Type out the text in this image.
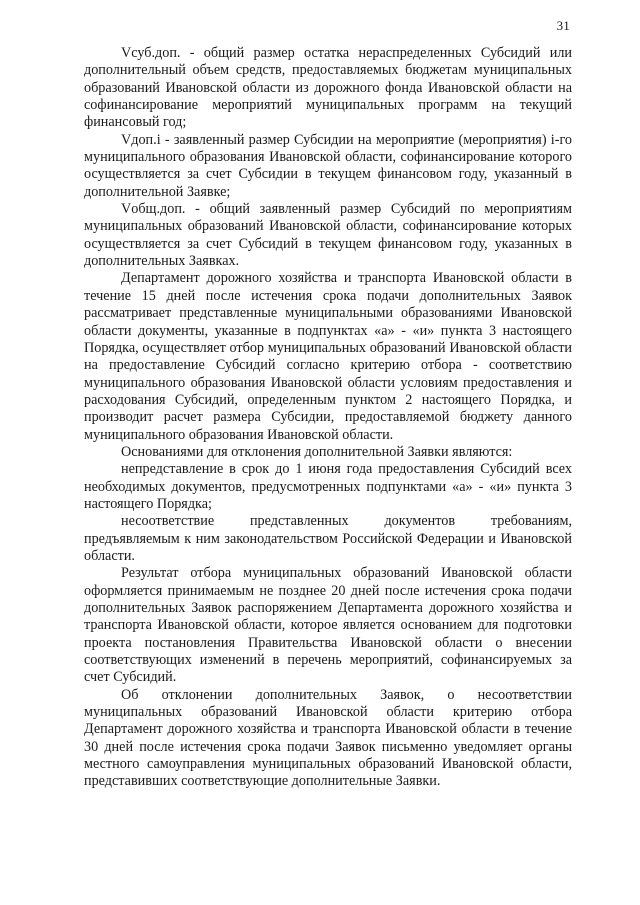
31

Vсуб.доп. - общий размер остатка нераспределенных Субсидий или дополнительный объем средств, предоставляемых бюджетам муниципальных образований Ивановской области из дорожного фонда Ивановской области на софинансирование мероприятий муниципальных программ на текущий финансовый год;

Vдоп.i - заявленный размер Субсидии на мероприятие (мероприятия) i-го муниципального образования Ивановской области, софинансирование которого осуществляется за счет Субсидии в текущем финансовом году, указанный в дополнительной Заявке;

Vобщ.доп. - общий заявленный размер Субсидий по мероприятиям муниципальных образований Ивановской области, софинансирование которых осуществляется за счет Субсидий в текущем финансовом году, указанных в дополнительных Заявках.

Департамент дорожного хозяйства и транспорта Ивановской области в течение 15 дней после истечения срока подачи дополнительных Заявок рассматривает представленные муниципальными образованиями Ивановской области документы, указанные в подпунктах «а» - «и» пункта 3 настоящего Порядка, осуществляет отбор муниципальных образований Ивановской области на предоставление Субсидий согласно критерию отбора - соответствию муниципального образования Ивановской области условиям предоставления и расходования Субсидий, определенным пунктом 2 настоящего Порядка, и производит расчет размера Субсидии, предоставляемой бюджету данного муниципального образования Ивановской области.

Основаниями для отклонения дополнительной Заявки являются:

непредставление в срок до 1 июня года предоставления Субсидий всех необходимых документов, предусмотренных подпунктами «а» - «и» пункта 3 настоящего Порядка;

несоответствие представленных документов требованиям, предъявляемым к ним законодательством Российской Федерации и Ивановской области.

Результат отбора муниципальных образований Ивановской области оформляется принимаемым не позднее 20 дней после истечения срока подачи дополнительных Заявок распоряжением Департамента дорожного хозяйства и транспорта Ивановской области, которое является основанием для подготовки проекта постановления Правительства Ивановской области о внесении соответствующих изменений в перечень мероприятий, софинансируемых за счет Субсидий.

Об отклонении дополнительных Заявок, о несоответствии муниципальных образований Ивановской области критерию отбора Департамент дорожного хозяйства и транспорта Ивановской области в течение 30 дней после истечения срока подачи Заявок письменно уведомляет органы местного самоуправления муниципальных образований Ивановской области, представивших соответствующие дополнительные Заявки.
